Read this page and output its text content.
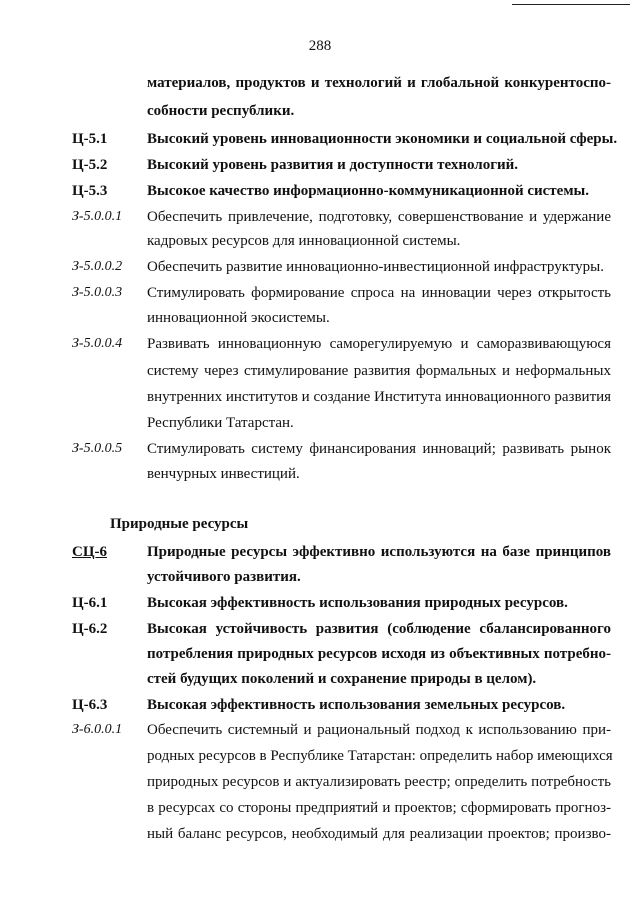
288
материалов, продуктов и технологий и глобальной конкурентоспо-
собности республики.
Ц-5.1	Высокий уровень инновационности экономики и социальной сферы.
Ц-5.2	Высокий уровень развития и доступности технологий.
Ц-5.3	Высокое качество информационно-коммуникационной системы.
З-5.0.0.1 Обеспечить привлечение, подготовку, совершенствование и удержание
кадровых ресурсов для инновационной системы.
З-5.0.0.2 Обеспечить развитие инновационно-инвестиционной инфраструктуры.
З-5.0.0.3 Стимулировать формирование спроса на инновации через открытость
инновационной экосистемы.
З-5.0.0.4 Развивать инновационную саморегулируемую и саморазвивающуюся
систему через стимулирование развития формальных и неформальных
внутренних институтов и создание Института инновационного развития
Республики Татарстан.
З-5.0.0.5 Стимулировать систему финансирования инноваций; развивать рынок
венчурных инвестиций.
Природные ресурсы
СЦ-6	Природные ресурсы эффективно используются на базе принципов
устойчивого развития.
Ц-6.1	Высокая эффективность использования природных ресурсов.
Ц-6.2	Высокая устойчивость развития (соблюдение сбалансированного
потребления природных ресурсов исходя из объективных потребно-
стей будущих поколений и сохранение природы в целом).
Ц-6.3	Высокая эффективность использования земельных ресурсов.
З-6.0.0.1 Обеспечить системный и рациональный подход к использованию при-
родных ресурсов в Республике Татарстан: определить набор имеющихся
природных ресурсов и актуализировать реестр; определить потребность
в ресурсах со стороны предприятий и проектов; сформировать прогноз-
ный баланс ресурсов, необходимый для реализации проектов; произво-
